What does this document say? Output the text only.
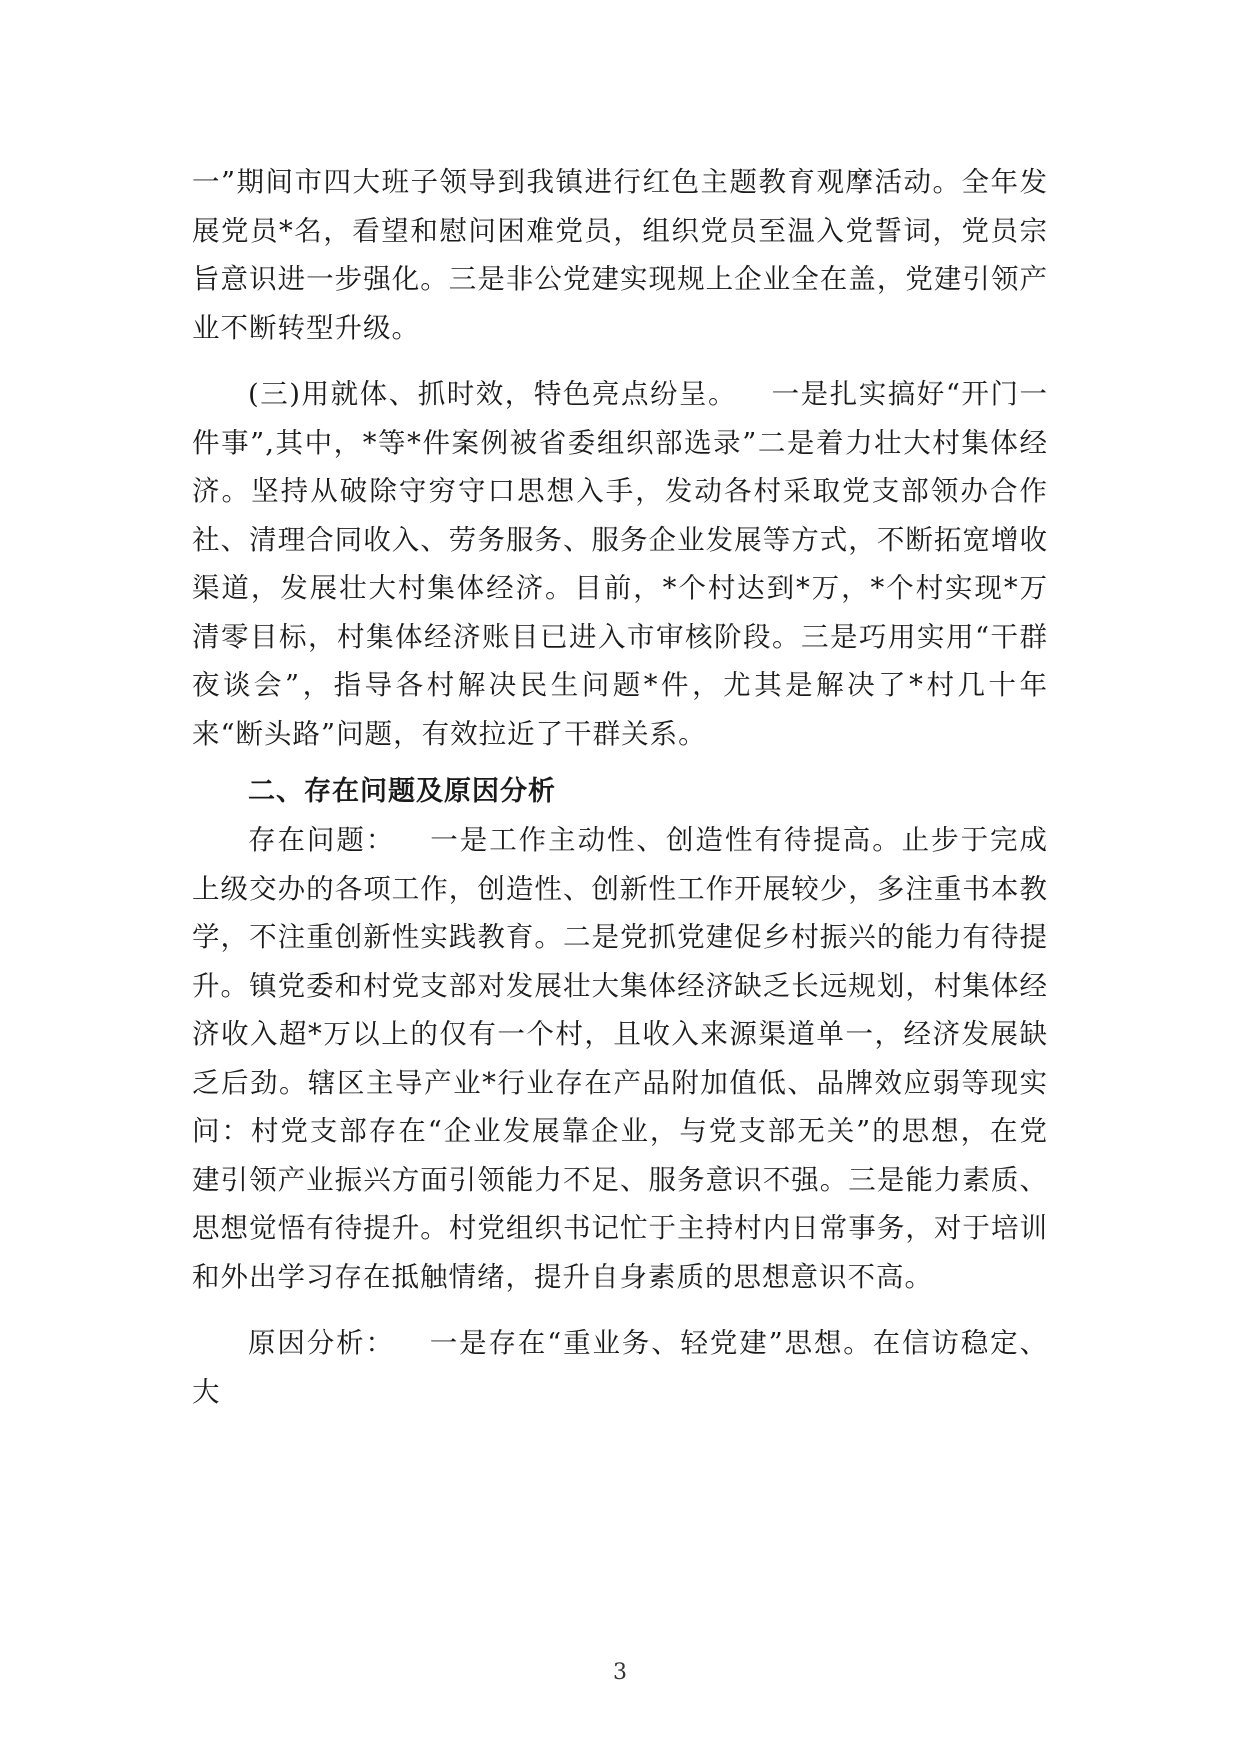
一”期间市四大班子领导到我镇进行红色主题教育观摩活动。全年发展党员*名，看望和慰问困难党员，组织党员至温入党誓词，党员宗旨意识进一步强化。三是非公党建实现规上企业全在盖，党建引领产业不断转型升级。

(三)用就体、抓时效，特色亮点纷呈。 一是扎实搞好“开门一件事”,其中，*等*件案例被省委组织部选录”二是着力壮大村集体经济。坚持从破除守穷守口思想入手，发动各村采取党支部领办合作社、清理合同收入、劳务服务、服务企业发展等方式，不断拓宽增收渠道，发展壮大村集体经济。目前，*个村达到*万，*个村实现*万清零目标，村集体经济账目已进入市审核阶段。三是巧用实用“干群夜谈会”，指导各村解决民生问题*件，尤其是解决了*村几十年来“断头路”问题，有效拉近了干群关系。

二、存在问题及原因分析

存在问题： 一是工作主动性、创造性有待提高。止步于完成上级交办的各项工作，创造性、创新性工作开展较少，多注重书本教学，不注重创新性实践教育。二是党抓党建促乡村振兴的能力有待提升。镇党委和村党支部对发展壮大集体经济缺乏长远规划，村集体经济收入超*万以上的仅有一个村，且收入来源渠道单一，经济发展缺乏后劲。辖区主导产业*行业存在产品附加值低、品牌效应弱等现实问：村党支部存在“企业发展靠企业，与党支部无关”的思想，在党建引领产业振兴方面引领能力不足、服务意识不强。三是能力素质、思想觉悟有待提升。村党组织书记忙于主持村内日常事务，对于培训和外出学习存在抵触情绪，提升自身素质的思想意识不高。

原因分析： 一是存在“重业务、轻党建”思想。在信访稳定、大

3
